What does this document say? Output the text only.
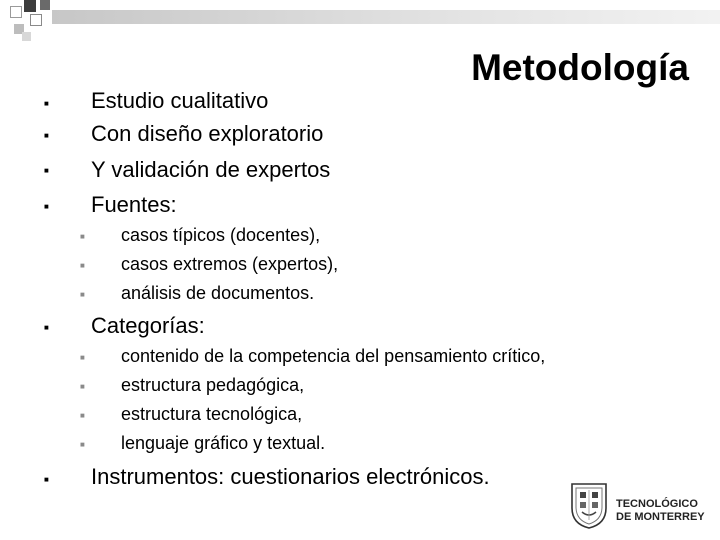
Metodología
■ Estudio cualitativo
■ Con diseño exploratorio
■ Y validación de expertos
■ Fuentes:
■ casos típicos (docentes),
■ casos extremos (expertos),
■ análisis de documentos.
■ Categorías:
■ contenido de la competencia del pensamiento crítico,
■ estructura pedagógica,
■ estructura tecnológica,
■ lenguaje gráfico y textual.
■ Instrumentos: cuestionarios electrónicos.
TECNOLÓGICO
DE MONTERREY
